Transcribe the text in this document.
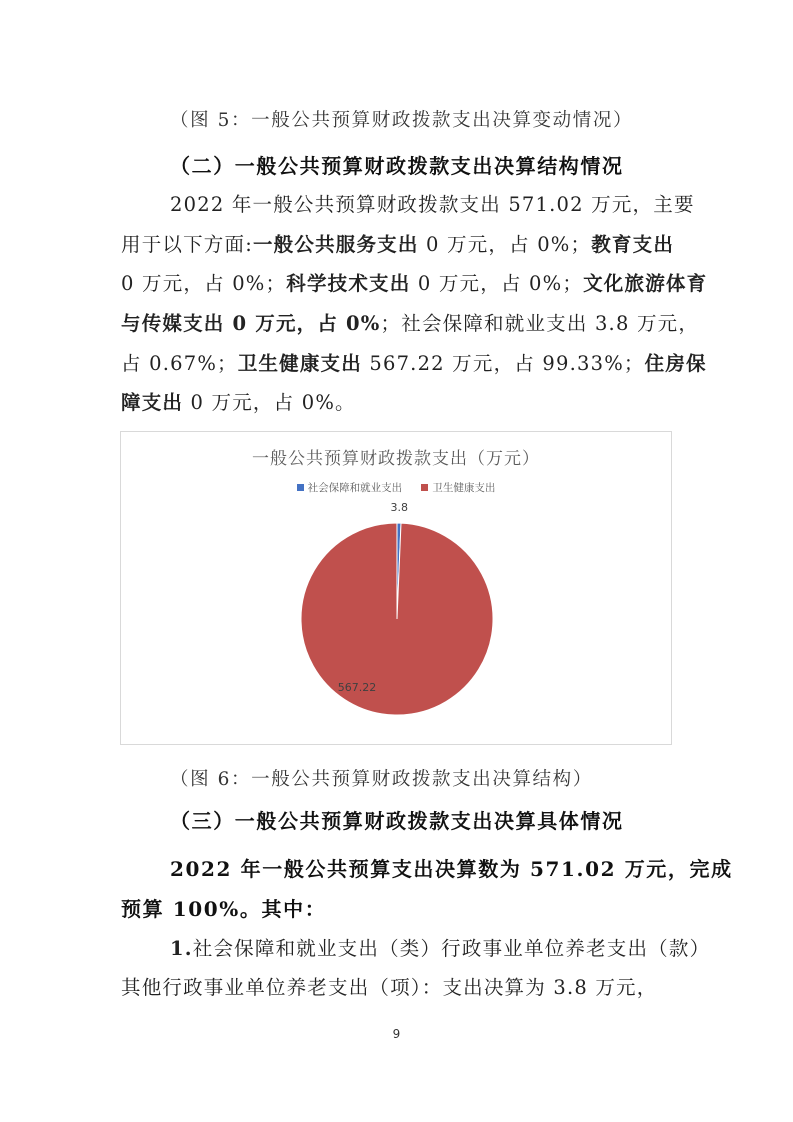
（图 5：一般公共预算财政拨款支出决算变动情况）
（二）一般公共预算财政拨款支出决算结构情况
2022 年一般公共预算财政拨款支出 571.02 万元，主要
用于以下方面:一般公共服务支出 0 万元，占 0%；教育支出
0 万元，占 0%；科学技术支出 0 万元，占 0%；文化旅游体育
与传媒支出 0 万元，占 0%；社会保障和就业支出 3.8 万元，
占 0.67%；卫生健康支出 567.22 万元，占 99.33%；住房保
障支出 0 万元，占 0%。
3.8
567.22
一般公共预算财政拨款支出（万元）
社会保障和就业支出
	卫生健康支出
（图 6：一般公共预算财政拨款支出决算结构）
（三）一般公共预算财政拨款支出决算具体情况
2022 年一般公共预算支出决算数为 571.02 万元，完成
预算 100%。其中：
1.社会保障和就业支出（类）行政事业单位养老支出（款）
其他行政事业单位养老支出（项）：支出决算为 3.8 万元，
9
